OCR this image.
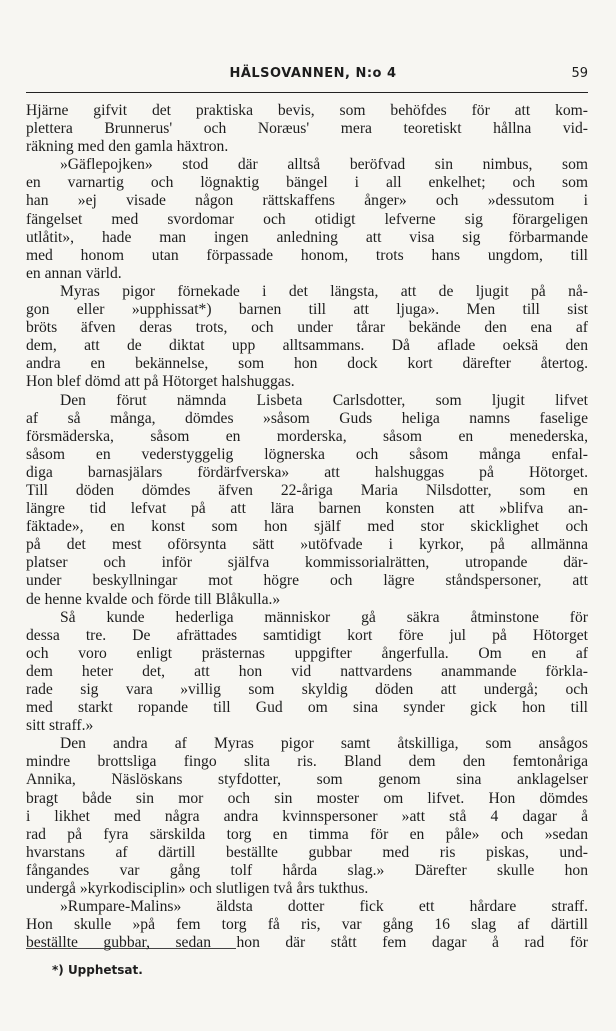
HÄLSOVANNEN, N:o 4	59
Hjärne gifvit det praktiska bevis, som behöfdes för att kom-
plettera Brunnerus' och Noræus' mera teoretiskt hållna vid-
räkning med den gamla häxtron.
»Gäflepojken» stod där alltså beröfvad sin nimbus, som
en varnartig och lögnaktig bängel i all enkelhet; och som
han »ej visade någon rättskaffens ånger» och »dessutom i
fängelset med svordomar och otidigt lefverne sig förargeligen
utlåtit», hade man ingen anledning att visa sig förbarmande
med honom utan förpassade honom, trots hans ungdom, till
en annan värld.
Myras pigor förnekade i det längsta, att de ljugit på nå-
gon eller »upphissat*) barnen till att ljuga». Men till sist
bröts äfven deras trots, och under tårar bekände den ena af
dem, att de diktat upp alltsammans. Då aflade oeksä den
andra en bekännelse, som hon dock kort därefter återtog.
Hon blef dömd att på Hötorget halshuggas.
Den förut nämnda Lisbeta Carlsdotter, som ljugit lifvet
af så många, dömdes »såsom Guds heliga namns faselige
försmäderska, såsom en morderska, såsom en menederska,
såsom en vederstyggelig lögnerska och såsom många enfal-
diga barnasjälars fördärfverska» att halshuggas på Hötorget.
Till döden dömdes äfven 22-åriga Maria Nilsdotter, som en
längre tid lefvat på att lära barnen konsten att »blifva an-
fäktade», en konst som hon själf med stor skicklighet och
på det mest oförsynta sätt »utöfvade i kyrkor, på allmänna
platser och inför själfva kommissorialrätten, utropande där-
under beskyllningar mot högre och lägre ståndspersoner, att
de henne kvalde och förde till Blåkulla.»
Så kunde hederliga människor gå säkra åtminstone för
dessa tre. De afrättades samtidigt kort före jul på Hötorget
och voro enligt prästernas uppgifter ångerfulla. Om en af
dem heter det, att hon vid nattvardens anammande förkla-
rade sig vara »villig som skyldig döden att undergå; och
med starkt ropande till Gud om sina synder gick hon till
sitt straff.»
Den andra af Myras pigor samt åtskilliga, som ansågos
mindre brottsliga fingo slita ris. Bland dem den femtonåriga
Annika, Näslöskans styfdotter, som genom sina anklagelser
bragt både sin mor och sin moster om lifvet. Hon dömdes
i likhet med några andra kvinnspersoner »att stå 4 dagar å
rad på fyra särskilda torg en timma för en påle» och »sedan
hvarstans af därtill beställte gubbar med ris piskas, und-
fångandes var gång tolf hårda slag.» Därefter skulle hon
undergå »kyrkodisciplin» och slutligen två års tukthus.
»Rumpare-Malins» äldsta dotter fick ett hårdare straff.
Hon skulle »på fem torg få ris, var gång 16 slag af därtill
beställte gubbar, sedan hon där stått fem dagar å rad för
*) Upphetsat.
